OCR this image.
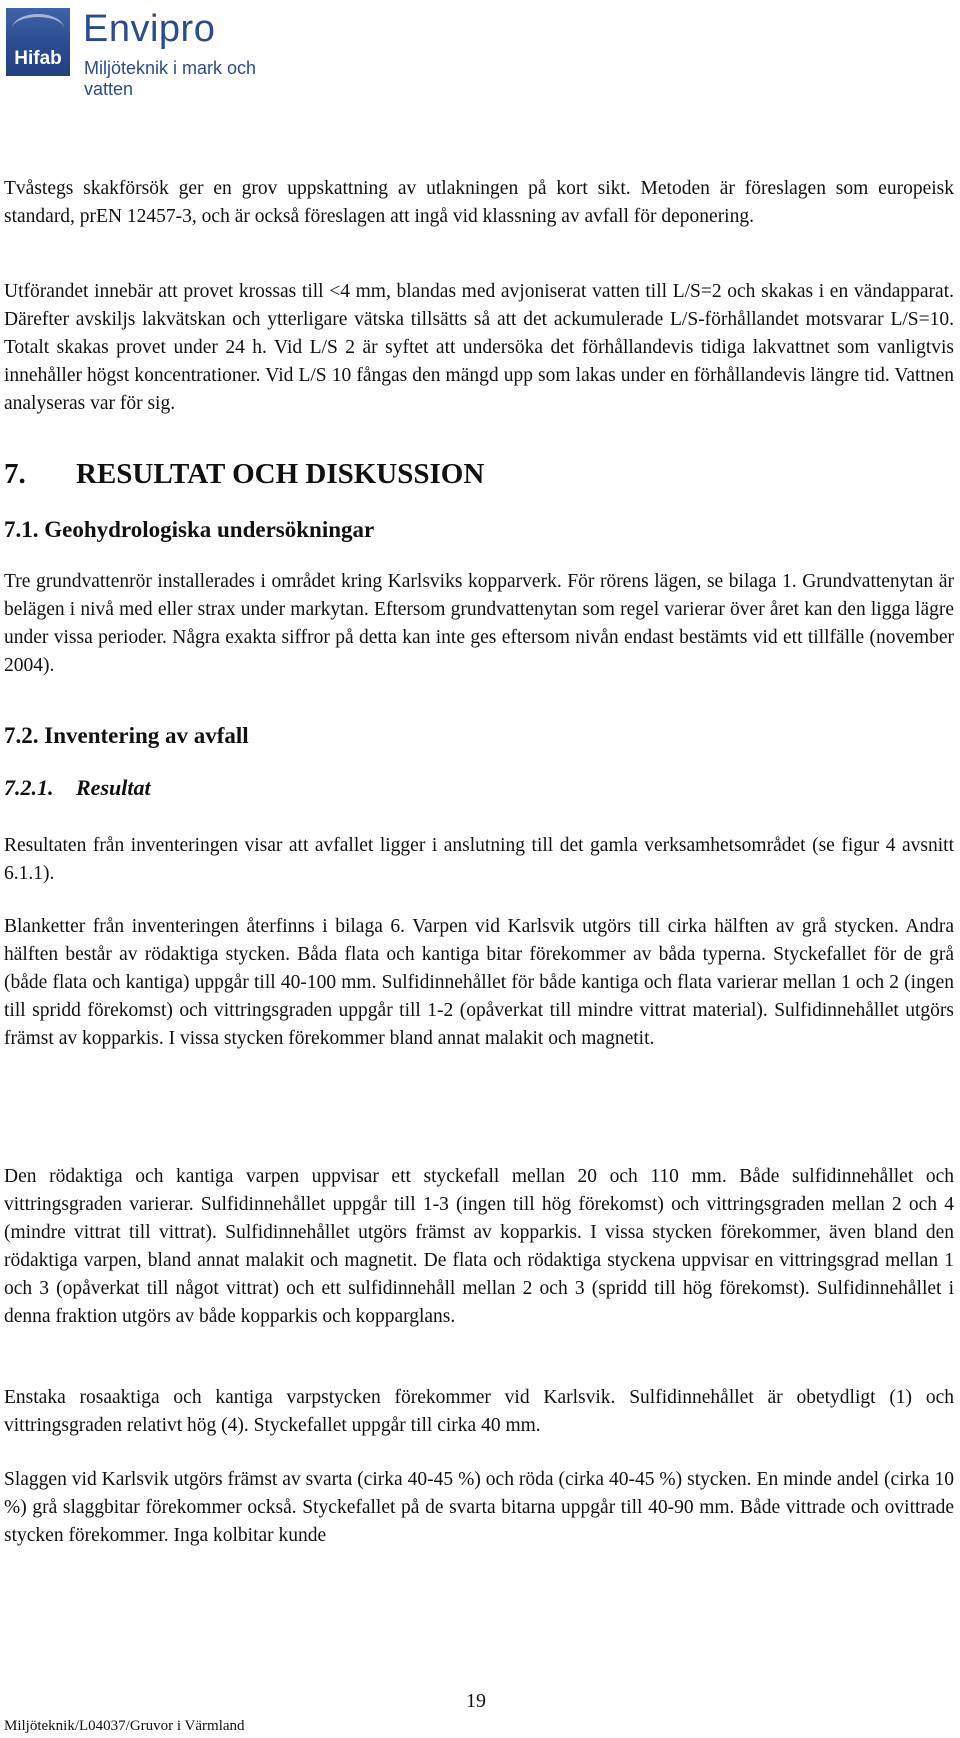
Hifab
Envipro
Miljöteknik i mark och vatten

Tvåstegs skakförsök ger en grov uppskattning av utlakningen på kort sikt. Metoden är föreslagen som europeisk standard, prEN 12457-3, och är också föreslagen att ingå vid klassning av avfall för deponering.

Utförandet innebär att provet krossas till <4 mm, blandas med avjoniserat vatten till L/S=2 och skakas i en vändapparat. Därefter avskiljs lakvätskan och ytterligare vätska tillsätts så att det ackumulerade L/S-förhållandet motsvarar L/S=10. Totalt skakas provet under 24 h. Vid L/S 2 är syftet att undersöka det förhållandevis tidiga lakvattnet som vanligtvis innehåller högst koncentrationer. Vid L/S 10 fångas den mängd upp som lakas under en förhållandevis längre tid. Vattnen analyseras var för sig.

7. RESULTAT OCH DISKUSSION
7.1. Geohydrologiska undersökningar

Tre grundvattenrör installerades i området kring Karlsviks kopparverk. För rörens lägen, se bilaga 1. Grundvattenytan är belägen i nivå med eller strax under markytan. Eftersom grundvattenytan som regel varierar över året kan den ligga lägre under vissa perioder. Några exakta siffror på detta kan inte ges eftersom nivån endast bestämts vid ett tillfälle (november 2004).

7.2. Inventering av avfall
7.2.1. Resultat

Resultaten från inventeringen visar att avfallet ligger i anslutning till det gamla verksamhetsområdet (se figur 4 avsnitt 6.1.1).

Blanketter från inventeringen återfinns i bilaga 6. Varpen vid Karlsvik utgörs till cirka hälften av grå stycken. Andra hälften består av rödaktiga stycken. Båda flata och kantiga bitar förekommer av båda typerna. Styckefallet för de grå (både flata och kantiga) uppgår till 40-100 mm. Sulfidinnehållet för både kantiga och flata varierar mellan 1 och 2 (ingen till spridd förekomst) och vittringsgraden uppgår till 1-2 (opåverkat till mindre vittrat material). Sulfidinnehållet utgörs främst av kopparkis. I vissa stycken förekommer bland annat malakit och magnetit.

Den rödaktiga och kantiga varpen uppvisar ett styckefall mellan 20 och 110 mm. Både sulfidinnehållet och vittringsgraden varierar. Sulfidinnehållet uppgår till 1-3 (ingen till hög förekomst) och vittringsgraden mellan 2 och 4 (mindre vittrat till vittrat). Sulfidinnehållet utgörs främst av kopparkis. I vissa stycken förekommer, även bland den rödaktiga varpen, bland annat malakit och magnetit. De flata och rödaktiga styckena uppvisar en vittringsgrad mellan 1 och 3 (opåverkat till något vittrat) och ett sulfidinnehåll mellan 2 och 3 (spridd till hög förekomst). Sulfidinnehållet i denna fraktion utgörs av både kopparkis och kopparglans.

Enstaka rosaaktiga och kantiga varpstycken förekommer vid Karlsvik. Sulfidinnehållet är obetydligt (1) och vittringsgraden relativt hög (4). Styckefallet uppgår till cirka 40 mm.

Slaggen vid Karlsvik utgörs främst av svarta (cirka 40-45 %) och röda (cirka 40-45 %) stycken. En minde andel (cirka 10 %) grå slaggbitar förekommer också. Styckefallet på de svarta bitarna uppgår till 40-90 mm. Både vittrade och ovittrade stycken förekommer. Inga kolbitar kunde

19
Miljöteknik/L04037/Gruvor i Värmland
